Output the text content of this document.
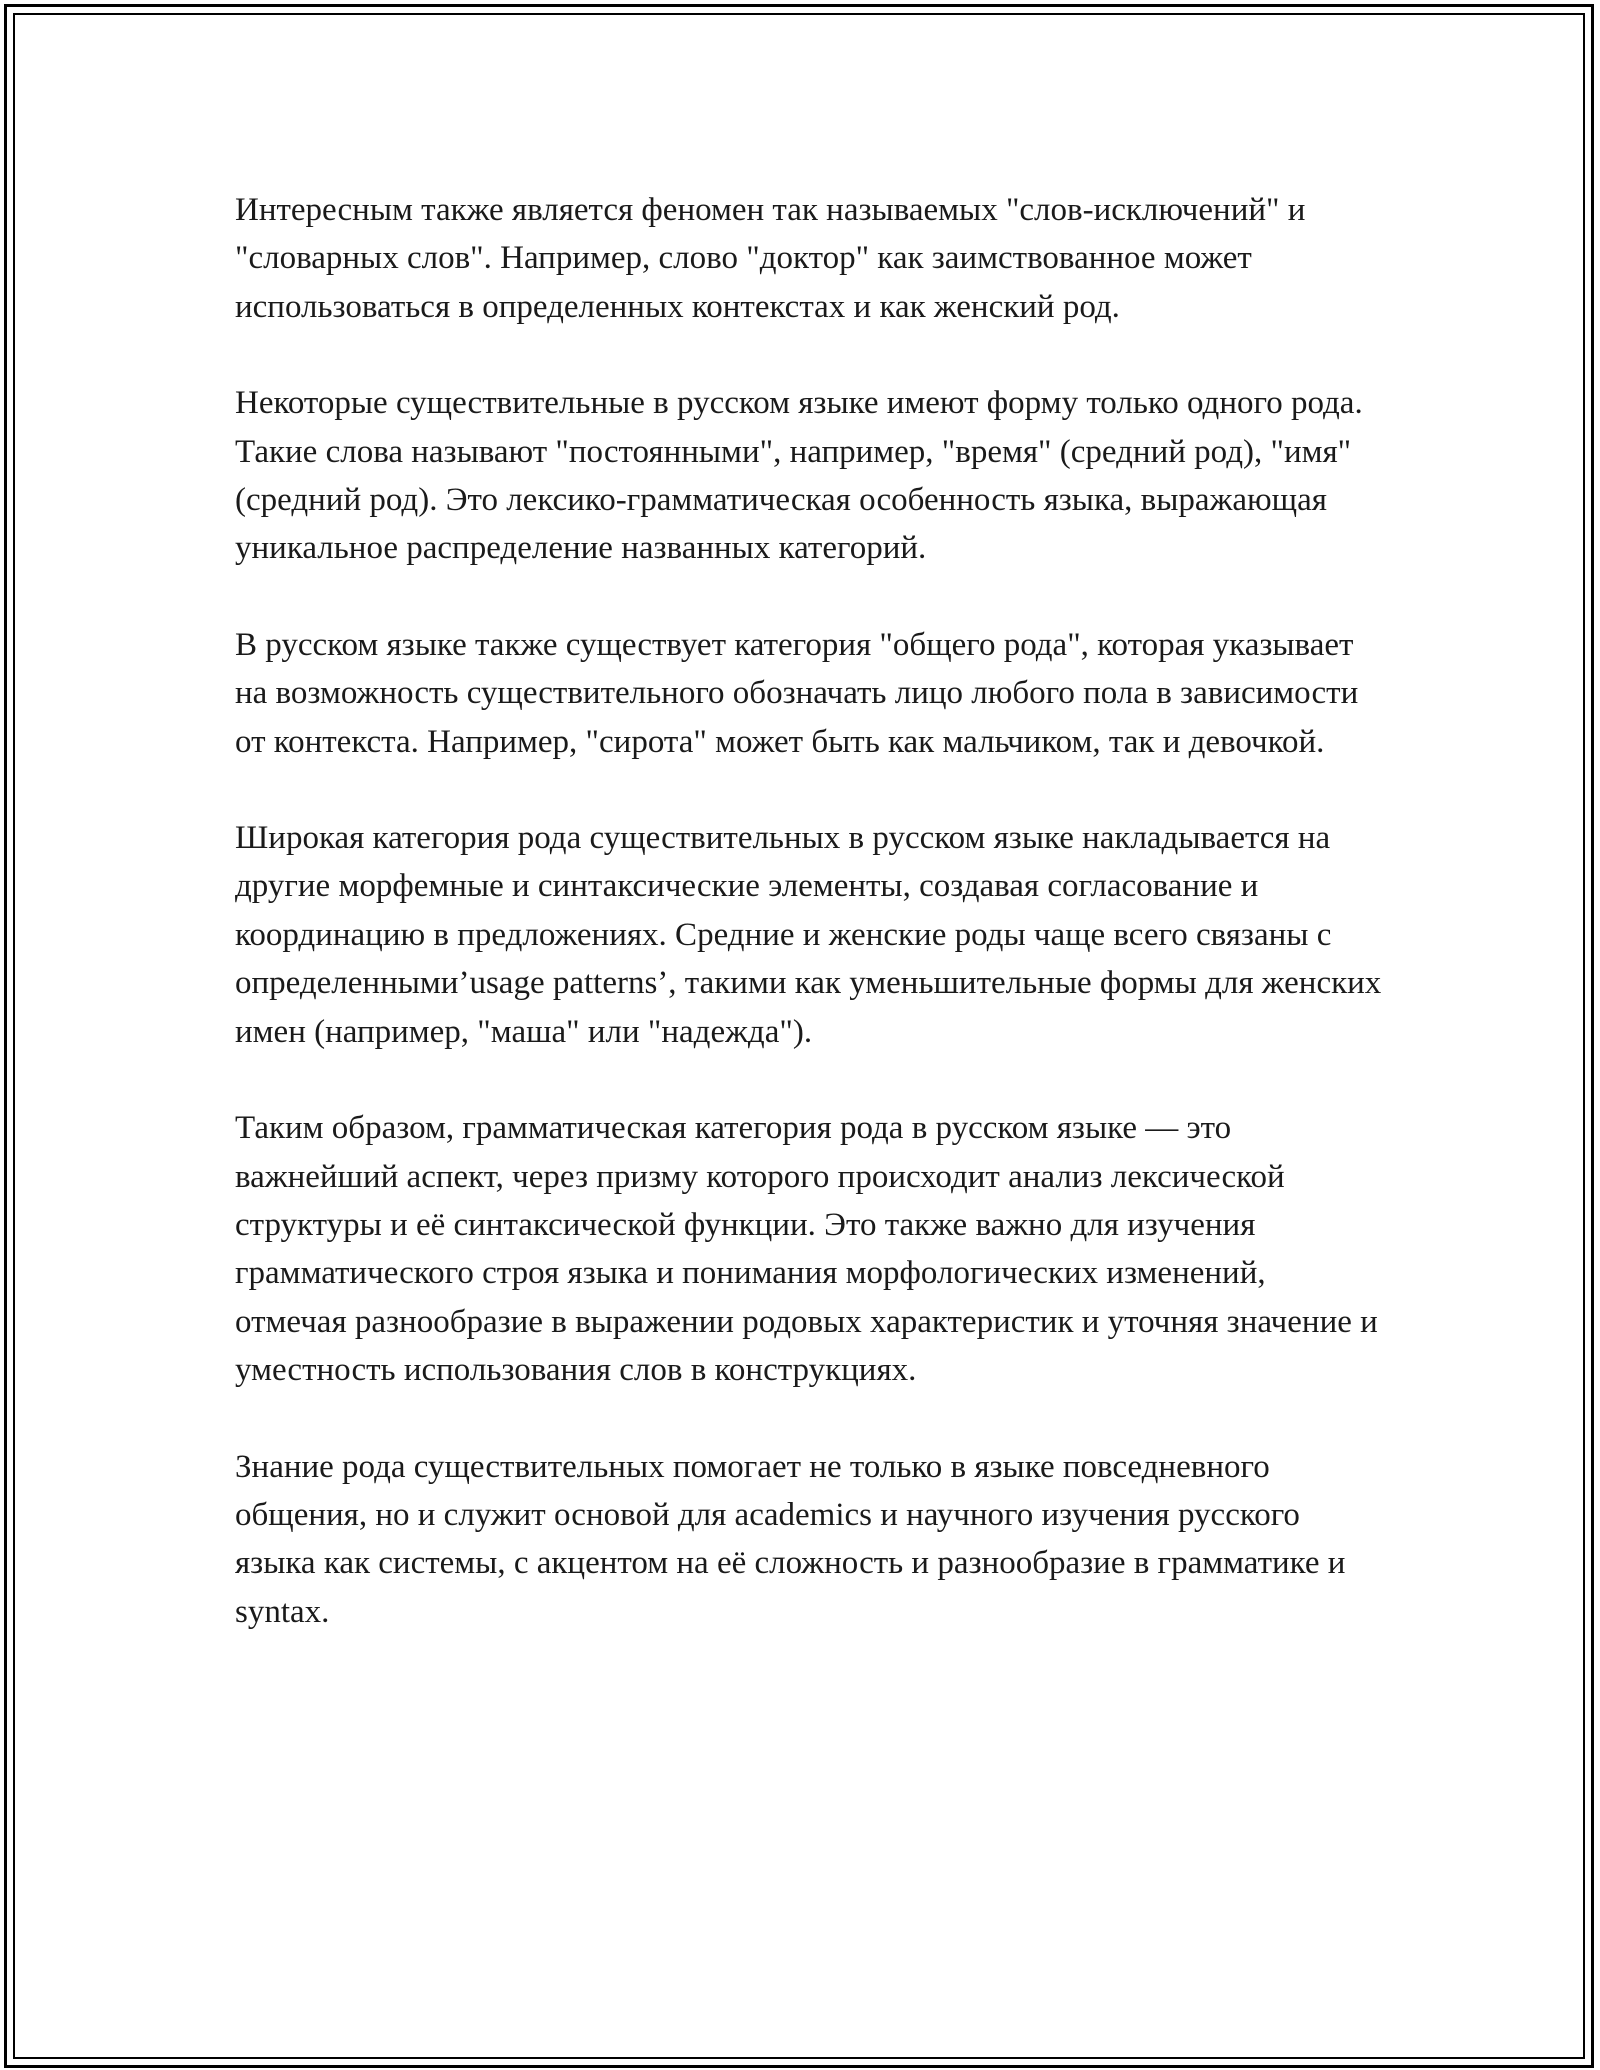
Интересным также является феномен так называемых "слов-исключений" и "словарных слов". Например, слово "доктор" как заимствованное может использоваться в определенных контекстах и как женский род.

Некоторые существительные в русском языке имеют форму только одного рода. Такие слова называют "постоянными", например, "время" (средний род), "имя" (средний род). Это лексико-грамматическая особенность языка, выражающая уникальное распределение названных категорий.

В русском языке также существует категория "общего рода", которая указывает на возможность существительного обозначать лицо любого пола в зависимости от контекста. Например, "сирота" может быть как мальчиком, так и девочкой.

Широкая категория рода существительных в русском языке накладывается на другие морфемные и синтаксические элементы, создавая согласование и координацию в предложениях. Средние и женские роды чаще всего связаны с определенными’usage patterns’, такими как уменьшительные формы для женских имен (например, "маша" или "надежда").

Таким образом, грамматическая категория рода в русском языке — это важнейший аспект, через призму которого происходит анализ лексической структуры и её синтаксической функции. Это также важно для изучения грамматического строя языка и понимания морфологических изменений, отмечая разнообразие в выражении родовых характеристик и уточняя значение и уместность использования слов в конструкциях.

Знание рода существительных помогает не только в языке повседневного общения, но и служит основой для academics и научного изучения русского языка как системы, с акцентом на её сложность и разнообразие в грамматике и syntax.
